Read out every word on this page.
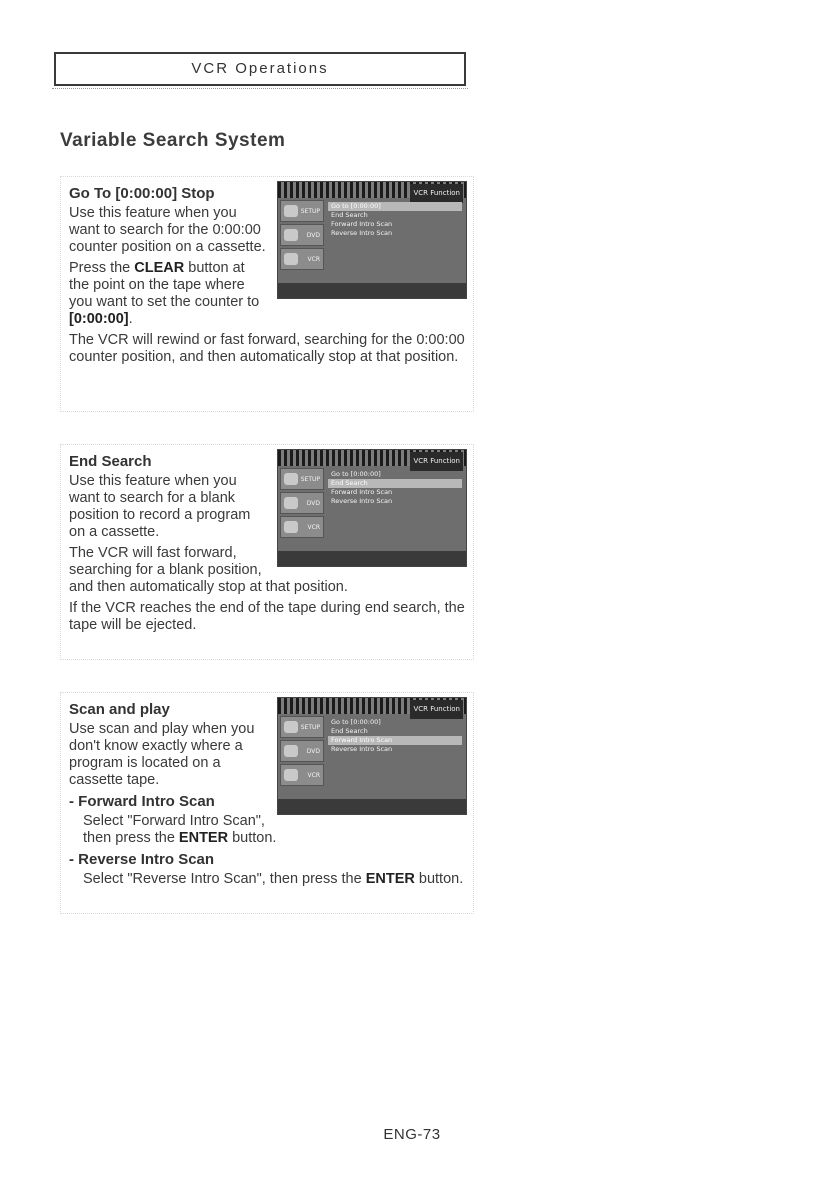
VCR Operations
Variable Search System
VCR Function
SETUP
DVD
VCR
Go to [0:00:00]
End Search
Forward Intro Scan
Reverse Intro Scan
Go To [0:00:00] Stop

Use this feature when you want to search for the 0:00:00 counter position on a cassette.

Press the CLEAR button at the point on the tape where you want to set the counter to [0:00:00].

The VCR will rewind or fast forward, searching for the 0:00:00 counter position, and then automatically stop at that position.

VCR Function
SETUP
DVD
VCR
Go to [0:00:00]
End Search
Forward Intro Scan
Reverse Intro Scan
End Search

Use this feature when you want to search for a blank position to record a program on a cassette.

The VCR will fast forward, searching for a blank position, and then automatically stop at that position.

If the VCR reaches the end of the tape during end search, the tape will be ejected.

VCR Function
SETUP
DVD
VCR
Go to [0:00:00]
End Search
Forward Intro Scan
Reverse Intro Scan
Scan and play

Use scan and play when you don't know exactly where a program is located on a cassette tape.

- Forward Intro Scan

Select "Forward Intro Scan", then press the ENTER button.

- Reverse Intro Scan

Select "Reverse Intro Scan", then press the ENTER button.

ENG-73
